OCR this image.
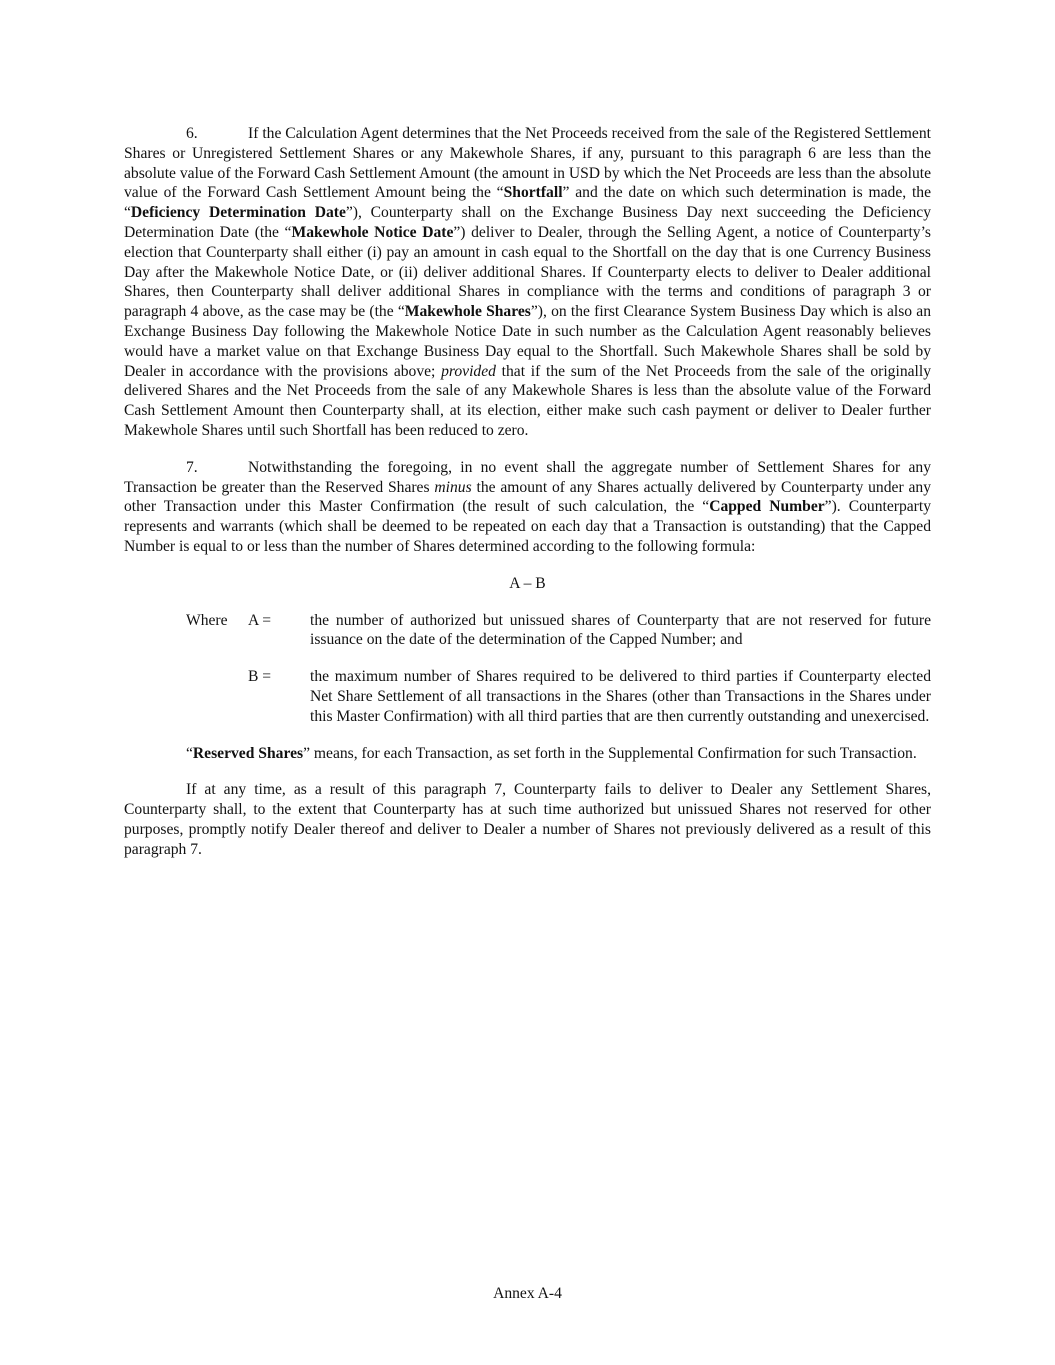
6.	If the Calculation Agent determines that the Net Proceeds received from the sale of the Registered Settlement Shares or Unregistered Settlement Shares or any Makewhole Shares, if any, pursuant to this paragraph 6 are less than the absolute value of the Forward Cash Settlement Amount (the amount in USD by which the Net Proceeds are less than the absolute value of the Forward Cash Settlement Amount being the “Shortfall” and the date on which such determination is made, the “Deficiency Determination Date”), Counterparty shall on the Exchange Business Day next succeeding the Deficiency Determination Date (the “Makewhole Notice Date”) deliver to Dealer, through the Selling Agent, a notice of Counterparty’s election that Counterparty shall either (i) pay an amount in cash equal to the Shortfall on the day that is one Currency Business Day after the Makewhole Notice Date, or (ii) deliver additional Shares. If Counterparty elects to deliver to Dealer additional Shares, then Counterparty shall deliver additional Shares in compliance with the terms and conditions of paragraph 3 or paragraph 4 above, as the case may be (the “Makewhole Shares”), on the first Clearance System Business Day which is also an Exchange Business Day following the Makewhole Notice Date in such number as the Calculation Agent reasonably believes would have a market value on that Exchange Business Day equal to the Shortfall. Such Makewhole Shares shall be sold by Dealer in accordance with the provisions above; provided that if the sum of the Net Proceeds from the sale of the originally delivered Shares and the Net Proceeds from the sale of any Makewhole Shares is less than the absolute value of the Forward Cash Settlement Amount then Counterparty shall, at its election, either make such cash payment or deliver to Dealer further Makewhole Shares until such Shortfall has been reduced to zero.

7.	Notwithstanding the foregoing, in no event shall the aggregate number of Settlement Shares for any Transaction be greater than the Reserved Shares minus the amount of any Shares actually delivered by Counterparty under any other Transaction under this Master Confirmation (the result of such calculation, the “Capped Number”). Counterparty represents and warrants (which shall be deemed to be repeated on each day that a Transaction is outstanding) that the Capped Number is equal to or less than the number of Shares determined according to the following formula:

A – B

Where A = the number of authorized but unissued shares of Counterparty that are not reserved for future issuance on the date of the determination of the Capped Number; and

B = the maximum number of Shares required to be delivered to third parties if Counterparty elected Net Share Settlement of all transactions in the Shares (other than Transactions in the Shares under this Master Confirmation) with all third parties that are then currently outstanding and unexercised.

“Reserved Shares” means, for each Transaction, as set forth in the Supplemental Confirmation for such Transaction.

If at any time, as a result of this paragraph 7, Counterparty fails to deliver to Dealer any Settlement Shares, Counterparty shall, to the extent that Counterparty has at such time authorized but unissued Shares not reserved for other purposes, promptly notify Dealer thereof and deliver to Dealer a number of Shares not previously delivered as a result of this paragraph 7.

Annex A-4
